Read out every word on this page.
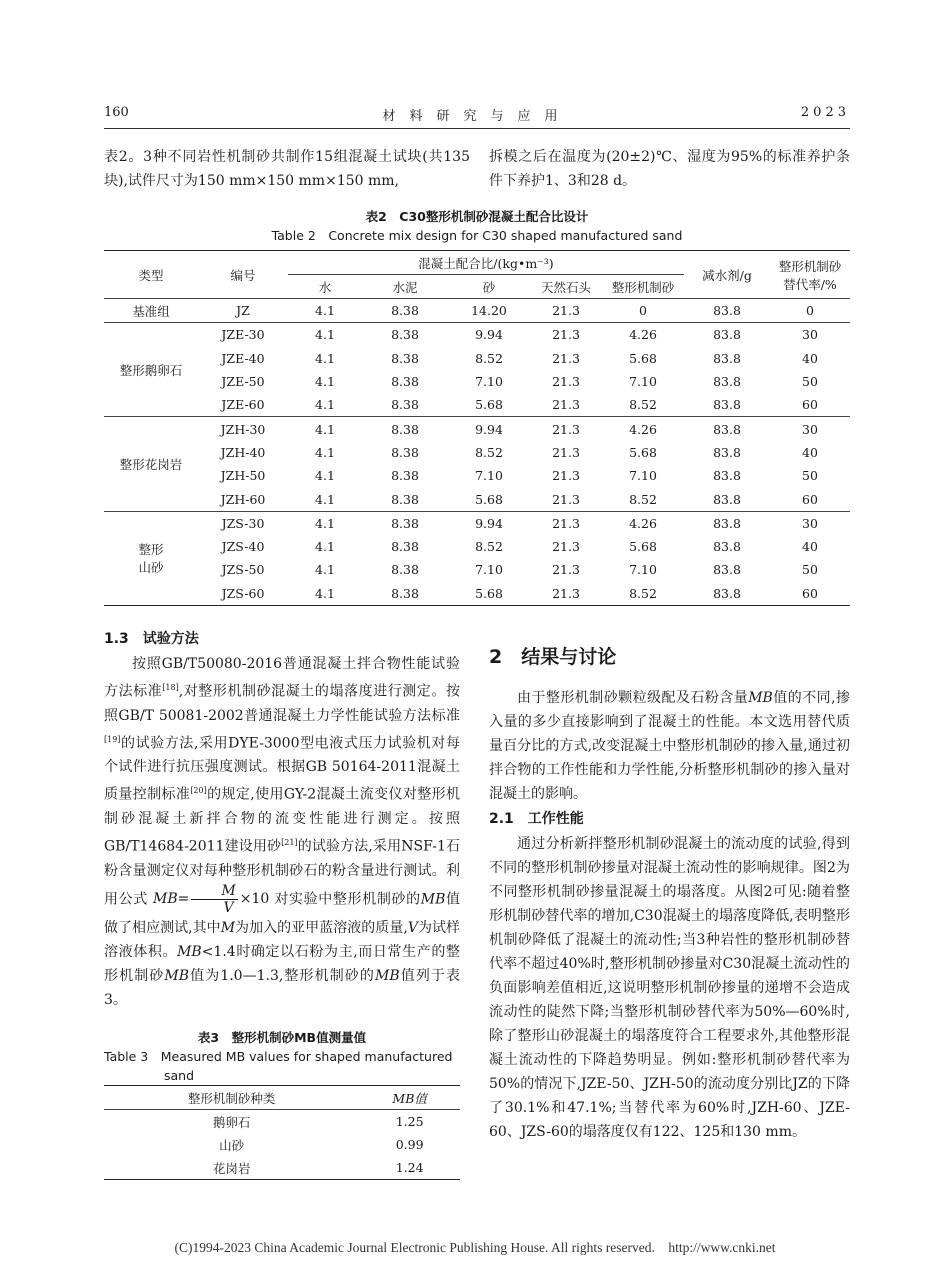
160	材料研究与应用	2023

表2。3种不同岩性机制砂共制作15组混凝土试块(共135块),试件尺寸为150 mm×150 mm×150 mm,

拆模之后在温度为(20±2)℃、湿度为95%的标准养护条件下养护1、3和28 d。

表2　C30整形机制砂混凝土配合比设计
Table 2　Concrete mix design for C30 shaped manufactured sand
类型	编号	混凝土配合比/(kg•m⁻³)					减水剂/g	整形机制砂
替代率/%

		水	水泥	砂	天然石头	整形机制砂		
基准组	JZ	4.1	8.38	14.20	21.3	0	83.8	0
整形鹅卵石	JZE-30	4.1	8.38	9.94	21.3	4.26	83.8	30
	JZE-40	4.1	8.38	8.52	21.3	5.68	83.8	40
	JZE-50	4.1	8.38	7.10	21.3	7.10	83.8	50
	JZE-60	4.1	8.38	5.68	21.3	8.52	83.8	60
整形花岗岩	JZH-30	4.1	8.38	9.94	21.3	4.26	83.8	30
	JZH-40	4.1	8.38	8.52	21.3	5.68	83.8	40
	JZH-50	4.1	8.38	7.10	21.3	7.10	83.8	50
	JZH-60	4.1	8.38	5.68	21.3	8.52	83.8	60

整形
山砂	JZS-30	4.1	8.38	9.94	21.3	4.26	83.8	30
	JZS-40	4.1	8.38	8.52	21.3	5.68	83.8	40
	JZS-50	4.1	8.38	7.10	21.3	7.10	83.8	50
	JZS-60	4.1	8.38	5.68	21.3	8.52	83.8	60
1.3　试验方法

按照GB/T50080-2016普通混凝土拌合物性能试验方法标准[18],对整形机制砂混凝土的塌落度进行测定。按照GB/T 50081-2002普通混凝土力学性能试验方法标准[19]的试验方法,采用DYE-3000型电液式压力试验机对每个试件进行抗压强度测试。根据GB 50164-2011混凝土质量控制标准[20]的规定,使用GY-2混凝土流变仪对整形机制砂混凝土新拌合物的流变性能进行测定。按照GB/T14684-2011建设用砂[21]的试验方法,采用NSF-1石粉含量测定仪对每种整形机制砂石的粉含量进行测试。利用公式 $MB= \frac{M}{V} \times 10$ 对实验中整形机制砂的MB值做了相应测试,其中M为加入的亚甲蓝溶液的质量,V为试样溶液体积。MB<1.4时确定以石粉为主,而日常生产的整形机制砂MB值为1.0—1.3,整形机制砂的MB值列于表3。

表3　整形机制砂MB值测量值
Table 3　Measured MB values for shaped manufactured
sand
整形机制砂种类	MB值
鹅卵石	1.25
山砂	0.99
花岗岩	1.24
2　结果与讨论

由于整形机制砂颗粒级配及石粉含量MB值的不同,掺入量的多少直接影响到了混凝土的性能。本文选用替代质量百分比的方式,改变混凝土中整形机制砂的掺入量,通过初拌合物的工作性能和力学性能,分析整形机制砂的掺入量对混凝土的影响。

2.1　工作性能

通过分析新拌整形机制砂混凝土的流动度的试验,得到不同的整形机制砂掺量对混凝土流动性的影响规律。图2为不同整形机制砂掺量混凝土的塌落度。从图2可见:随着整形机制砂替代率的增加,C30混凝土的塌落度降低,表明整形机制砂降低了混凝土的流动性;当3种岩性的整形机制砂替代率不超过40%时,整形机制砂掺量对C30混凝土流动性的负面影响差值相近,这说明整形机制砂掺量的递增不会造成流动性的陡然下降;当整形机制砂替代率为50%—60%时,除了整形山砂混凝土的塌落度符合工程要求外,其他整形混凝土流动性的下降趋势明显。例如:整形机制砂替代率为50%的情况下,JZE-50、JZH-50的流动度分别比JZ的下降了30.1%和47.1%;当替代率为60%时,JZH-60、JZE-60、JZS-60的塌落度仅有122、125和130 mm。

(C)1994-2023 China Academic Journal Electronic Publishing House. All rights reserved.　http://www.cnki.net
